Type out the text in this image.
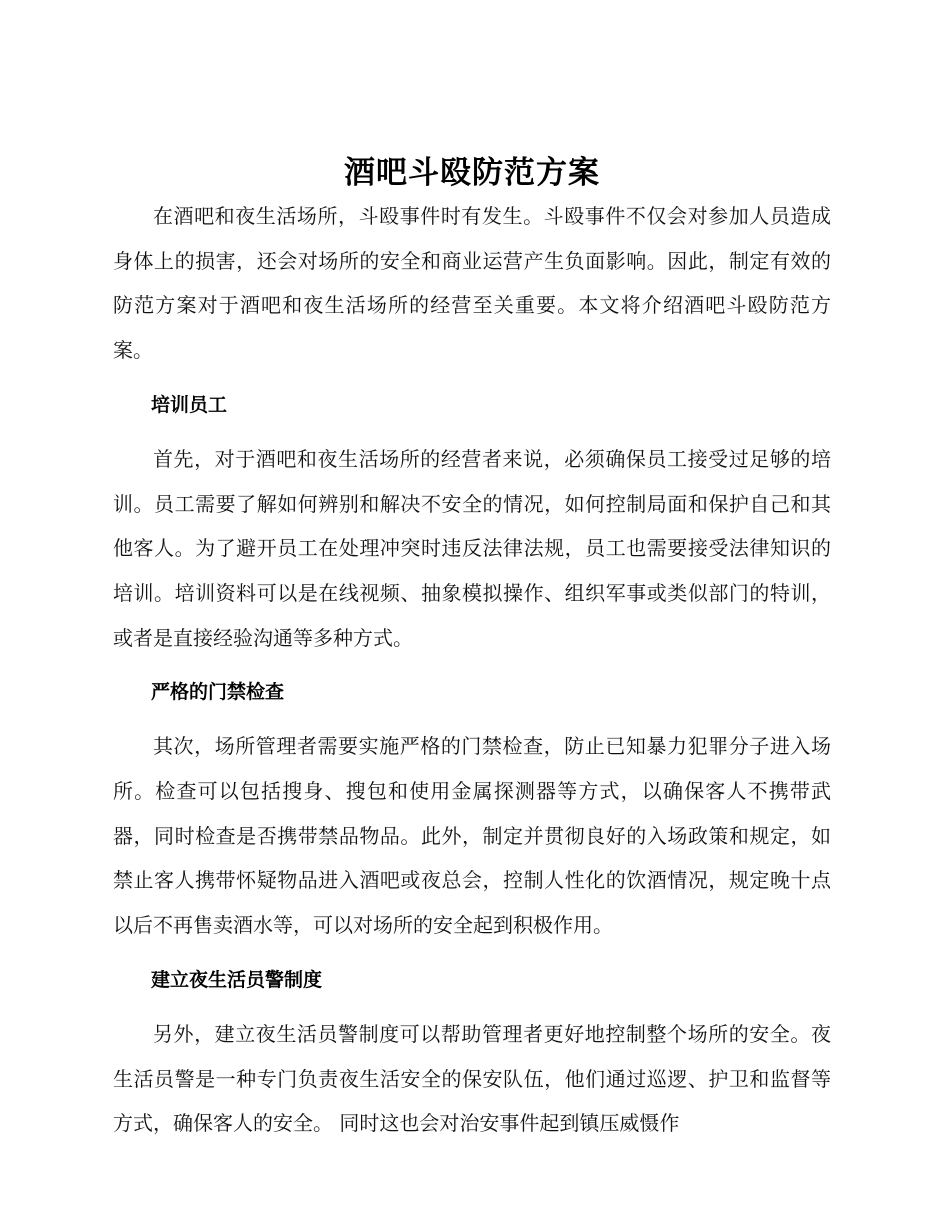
酒吧斗殴防范方案

在酒吧和夜生活场所，斗殴事件时有发生。斗殴事件不仅会对参加人员造成身体上的损害，还会对场所的安全和商业运营产生负面影响。因此，制定有效的防范方案对于酒吧和夜生活场所的经营至关重要。本文将介绍酒吧斗殴防范方案。

培训员工

首先，对于酒吧和夜生活场所的经营者来说，必须确保员工接受过足够的培训。员工需要了解如何辨别和解决不安全的情况，如何控制局面和保护自己和其他客人。为了避开员工在处理冲突时违反法律法规，员工也需要接受法律知识的培训。培训资料可以是在线视频、抽象模拟操作、组织军事或类似部门的特训，或者是直接经验沟通等多种方式。

严格的门禁检查

其次，场所管理者需要实施严格的门禁检查，防止已知暴力犯罪分子进入场所。检查可以包括搜身、搜包和使用金属探测器等方式，以确保客人不携带武器，同时检查是否携带禁品物品。此外，制定并贯彻良好的入场政策和规定，如禁止客人携带怀疑物品进入酒吧或夜总会，控制人性化的饮酒情况，规定晚十点以后不再售卖酒水等，可以对场所的安全起到积极作用。

建立夜生活员警制度

另外，建立夜生活员警制度可以帮助管理者更好地控制整个场所的安全。夜生活员警是一种专门负责夜生活安全的保安队伍，他们通过巡逻、护卫和监督等方式，确保客人的安全。 同时这也会对治安事件起到镇压威慑作
